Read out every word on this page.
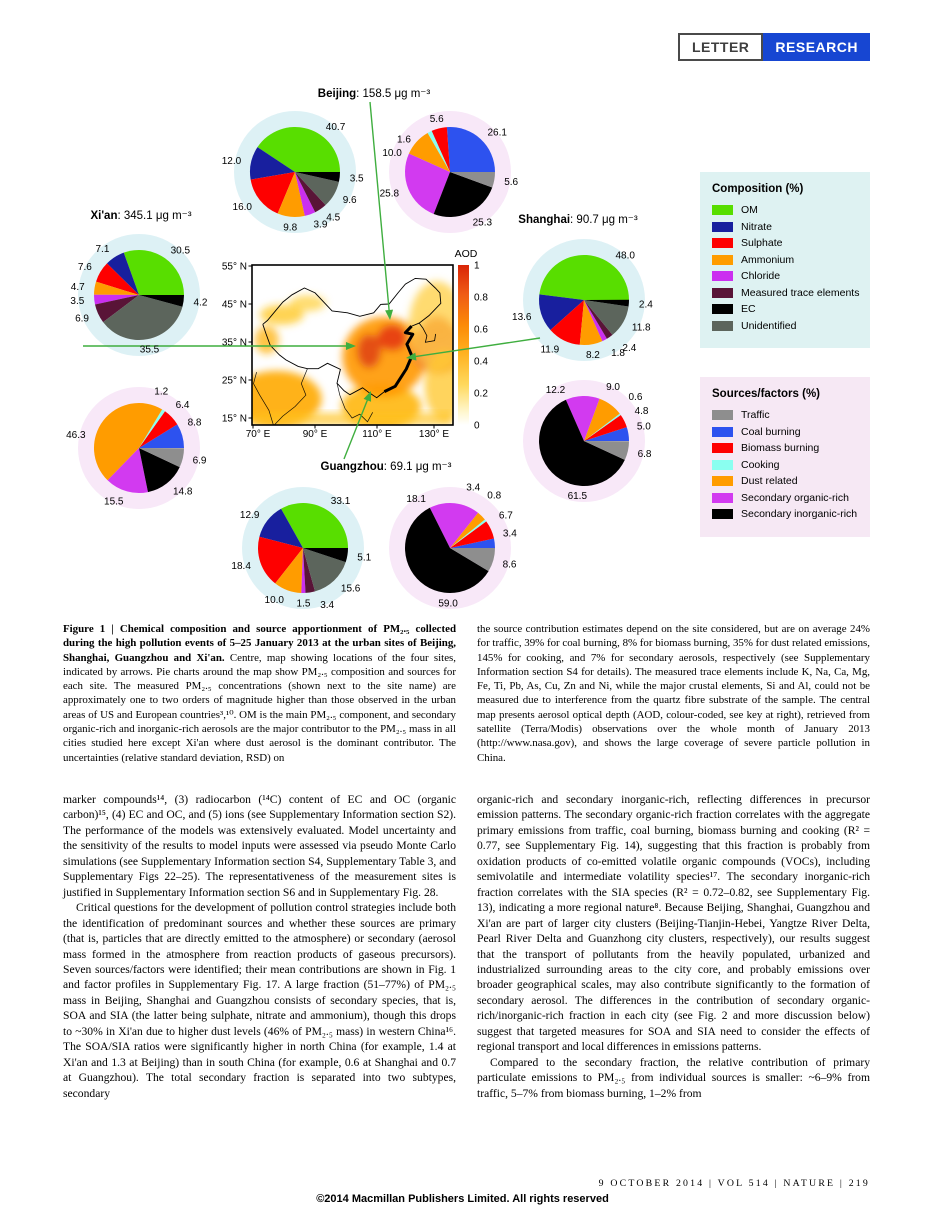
LETTER	RESEARCH
55° N
45° N
35° N
25° N
15° N
70° E	90° E	110° E	130° E
AOD
1
0.8
0.6
0.4
0.2
0
40.7
12.0
16.0
9.8 3.9
4.5
9.6
3.5
26.1
5.6
1.6
10.0
25.8
25.3
5.6
30.5
7.1
7.6
4.7
3.5
6.9
35.5
4.2
8.8
6.4
1.2
46.3
15.5
14.8
6.9
48.0
13.6
11.9	8.2 1.8
2.4
11.8
2.4
5.0
4.8
0.6
9.0
12.2
61.5
6.8
33.1
12.9
18.4
10.0 1.5 3.4
15.6
5.1
3.4
6.7
0.8
3.4
18.1
59.0
8.6
Beijing: 158.5 μg m⁻³
Xi'an: 345.1 μg m⁻³	Shanghai: 90.7 μg m⁻³
Guangzhou: 69.1 μg m⁻³
Composition (%)
OM
Nitrate
Sulphate
Ammonium
Chloride
Measured trace elements
EC
Unidentified
Sources/factors (%)
Traffic
Coal burning
Biomass burning
Cooking
Dust related
Secondary organic-rich
Secondary inorganic-rich
Figure 1 | Chemical composition and source apportionment of PM₂.₅ collected during the high pollution events of 5–25 January 2013 at the urban sites of Beijing, Shanghai, Guangzhou and Xi'an. Centre, map showing locations of the four sites, indicated by arrows. Pie charts around the map show PM₂.₅ composition and sources for each site. The measured PM₂.₅ concentrations (shown next to the site name) are approximately one to two orders of magnitude higher than those observed in the urban areas of US and European countries³,¹⁰. OM is the main PM₂.₅ component, and secondary organic-rich and inorganic-rich aerosols are the major contributor to the PM₂.₅ mass in all cities studied here except Xi'an where dust aerosol is the dominant contributor. The uncertainties (relative standard deviation, RSD) on
the source contribution estimates depend on the site considered, but are on average 24% for traffic, 39% for coal burning, 8% for biomass burning, 35% for dust related emissions, 145% for cooking, and 7% for secondary aerosols, respectively (see Supplementary Information section S4 for details). The measured trace elements include K, Na, Ca, Mg, Fe, Ti, Pb, As, Cu, Zn and Ni, while the major crustal elements, Si and Al, could not be measured due to interference from the quartz fibre substrate of the sample. The central map presents aerosol optical depth (AOD, colour-coded, see key at right), retrieved from satellite (Terra/Modis) observations over the whole month of January 2013 (http://www.nasa.gov), and shows the large coverage of severe particle pollution in China.

marker compounds¹⁴, (3) radiocarbon (¹⁴C) content of EC and OC (organic carbon)¹⁵, (4) EC and OC, and (5) ions (see Supplementary Information section S2). The performance of the models was extensively evaluated. Model uncertainty and the sensitivity of the results to model inputs were assessed via pseudo Monte Carlo simulations (see Supplementary Information section S4, Supplementary Table 3, and Supplementary Figs 22–25). The representativeness of the measurement sites is justified in Supplementary Information section S6 and in Supplementary Fig. 28.

Critical questions for the development of pollution control strategies include both the identification of predominant sources and whether these sources are primary (that is, particles that are directly emitted to the atmosphere) or secondary (aerosol mass formed in the atmosphere from reaction products of gaseous precursors). Seven sources/factors were identified; their mean contributions are shown in Fig. 1 and factor profiles in Supplementary Fig. 17. A large fraction (51–77%) of PM₂.₅ mass in Beijing, Shanghai and Guangzhou consists of secondary species, that is, SOA and SIA (the latter being sulphate, nitrate and ammonium), though this drops to ~30% in Xi'an due to higher dust levels (46% of PM₂.₅ mass) in western China¹⁶. The SOA/SIA ratios were significantly higher in north China (for example, 1.4 at Xi'an and 1.3 at Beijing) than in south China (for example, 0.6 at Shanghai and 0.7 at Guangzhou). The total secondary fraction is separated into two subtypes, secondary

organic-rich and secondary inorganic-rich, reflecting differences in precursor emission patterns. The secondary organic-rich fraction correlates with the aggregate primary emissions from traffic, coal burning, biomass burning and cooking (R² = 0.77, see Supplementary Fig. 14), suggesting that this fraction is probably from oxidation products of co-emitted volatile organic compounds (VOCs), including semivolatile and intermediate volatility species¹⁷. The secondary inorganic-rich fraction correlates with the SIA species (R² = 0.72–0.82, see Supplementary Fig. 13), indicating a more regional nature⁸. Because Beijing, Shanghai, Guangzhou and Xi'an are part of larger city clusters (Beijing-Tianjin-Hebei, Yangtze River Delta, Pearl River Delta and Guanzhong city clusters, respectively), our results suggest that the transport of pollutants from the heavily populated, urbanized and industrialized surrounding areas to the city core, and probably emissions over broader geographical scales, may also contribute significantly to the formation of secondary aerosol. The differences in the contribution of secondary organic-rich/inorganic-rich fraction in each city (see Fig. 2 and more discussion below) suggest that targeted measures for SOA and SIA need to consider the effects of regional transport and local differences in emissions patterns.

Compared to the secondary fraction, the relative contribution of primary particulate emissions to PM₂.₅ from individual sources is smaller: ~6–9% from traffic, 5–7% from biomass burning, 1–2% from

9 OCTOBER 2014 | VOL 514 | NATURE | 219
©2014 Macmillan Publishers Limited. All rights reserved
